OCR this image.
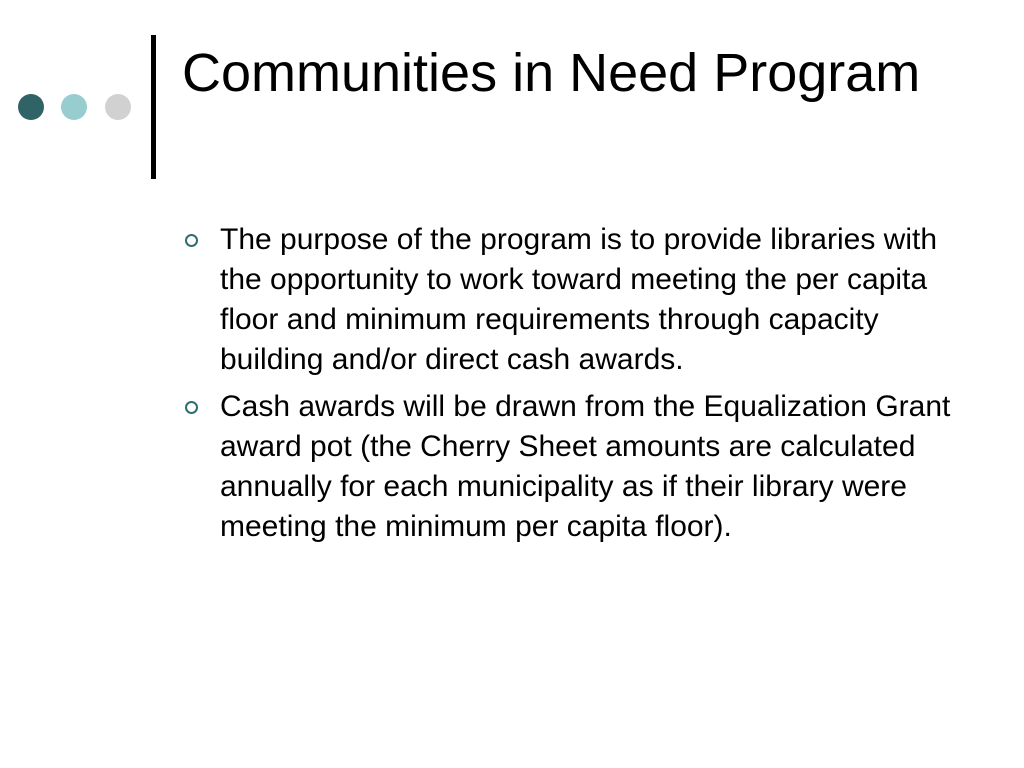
Communities in Need Program
The purpose of the program is to provide libraries with the opportunity to work toward meeting the per capita floor and minimum requirements through capacity building and/or direct cash awards.
Cash awards will be drawn from the Equalization Grant award pot (the Cherry Sheet amounts are calculated annually for each municipality as if their library were meeting the minimum per capita floor).
